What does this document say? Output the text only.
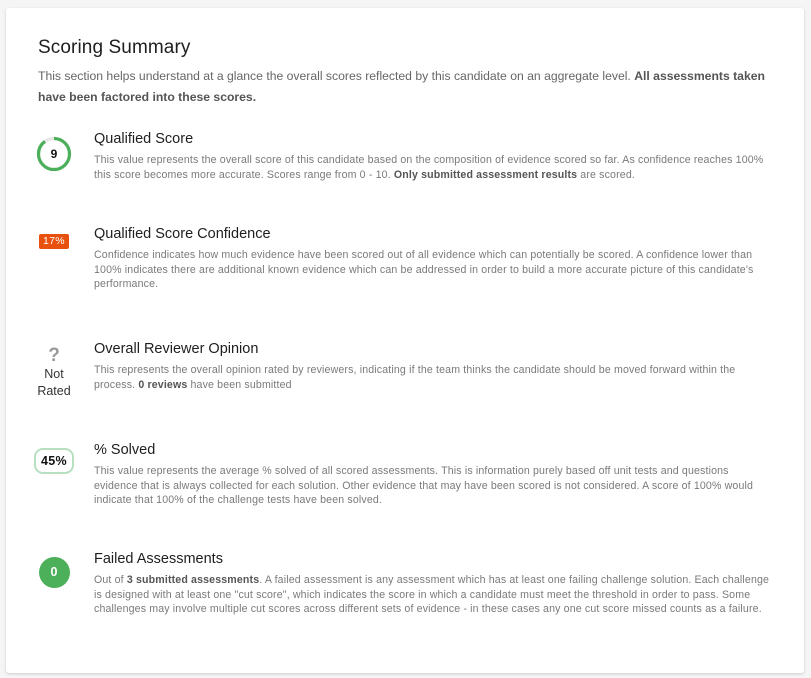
Scoring Summary

This section helps understand at a glance the overall scores reflected by this candidate on an aggregate level. All assessments taken have been factored into these scores.

9
Qualified Score

This value represents the overall score of this candidate based on the composition of evidence scored so far. As confidence reaches 100% this score becomes more accurate. Scores range from 0 - 10. Only submitted assessment results are scored.

17% Qualified Score Confidence

Confidence indicates how much evidence have been scored out of all evidence which can potentially be scored. A confidence lower than 100% indicates there are additional known evidence which can be addressed in order to build a more accurate picture of this candidate's performance.

?
Not Rated
Overall Reviewer Opinion

This represents the overall opinion rated by reviewers, indicating if the team thinks the candidate should be moved forward within the process. 0 reviews have been submitted

45%
% Solved

This value represents the average % solved of all scored assessments. This is information purely based off unit tests and questions evidence that is always collected for each solution. Other evidence that may have been scored is not considered. A score of 100% would indicate that 100% of the challenge tests have been solved.

0
Failed Assessments

Out of 3 submitted assessments. A failed assessment is any assessment which has at least one failing challenge solution. Each challenge is designed with at least one "cut score", which indicates the score in which a candidate must meet the threshold in order to pass. Some challenges may involve multiple cut scores across different sets of evidence - in these cases any one cut score missed counts as a failure.
